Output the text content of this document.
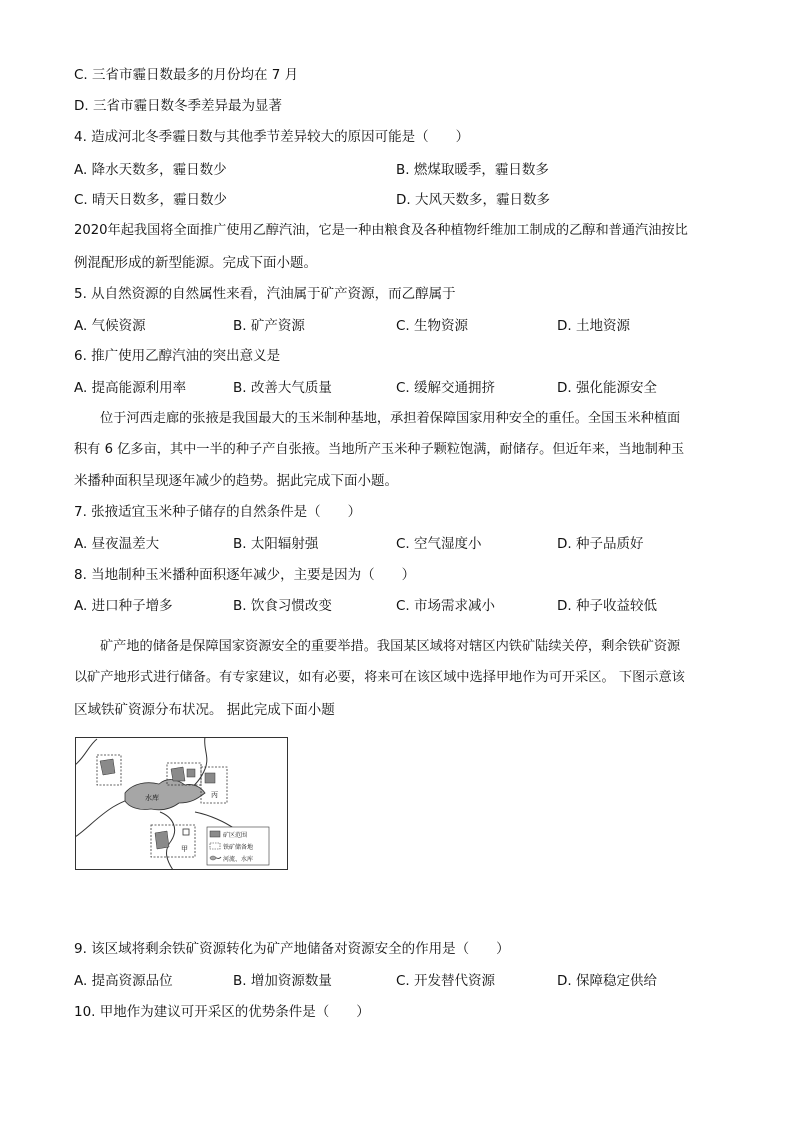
C. 三省市霾日数最多的月份均在 7 月
D. 三省市霾日数冬季差异最为显著
4. 造成河北冬季霾日数与其他季节差异较大的原因可能是（　　）
A. 降水天数多，霾日数少	B. 燃煤取暖季，霾日数多
C. 晴天日数多，霾日数少	D. 大风天数多，霾日数多
2020年起我国将全面推广使用乙醇汽油，它是一种由粮食及各种植物纤维加工制成的乙醇和普通汽油按比
例混配形成的新型能源。完成下面小题。
5. 从自然资源的自然属性来看，汽油属于矿产资源，而乙醇属于
A. 气候资源	B. 矿产资源	C. 生物资源	D. 土地资源
6. 推广使用乙醇汽油的突出意义是
A. 提高能源利用率	B. 改善大气质量	C. 缓解交通拥挤	D. 强化能源安全
位于河西走廊的张掖是我国最大的玉米制种基地，承担着保障国家用种安全的重任。全国玉米种植面
积有 6 亿多亩，其中一半的种子产自张掖。当地所产玉米种子颗粒饱满，耐储存。但近年来，当地制种玉
米播种面积呈现逐年减少的趋势。据此完成下面小题。
7. 张掖适宜玉米种子储存的自然条件是（　　）
A. 昼夜温差大	B. 太阳辐射强	C. 空气湿度小	D. 种子品质好
8. 当地制种玉米播种面积逐年减少，主要是因为（　　）
A. 进口种子增多	B. 饮食习惯改变	C. 市场需求减小	D. 种子收益较低
矿产地的储备是保障国家资源安全的重要举措。我国某区域将对辖区内铁矿陆续关停，剩余铁矿资源
以矿产地形式进行储备。有专家建议，如有必要，将来可在该区域中选择甲地作为可开采区。 下图示意该
区域铁矿资源分布状况。 据此完成下面小题
水库	丙
甲
矿区范围
铁矿储备地
河流、水库
9. 该区域将剩余铁矿资源转化为矿产地储备对资源安全的作用是（　　）
A. 提高资源品位	B. 增加资源数量	C. 开发替代资源	D. 保障稳定供给
10. 甲地作为建议可开采区的优势条件是（　　）
